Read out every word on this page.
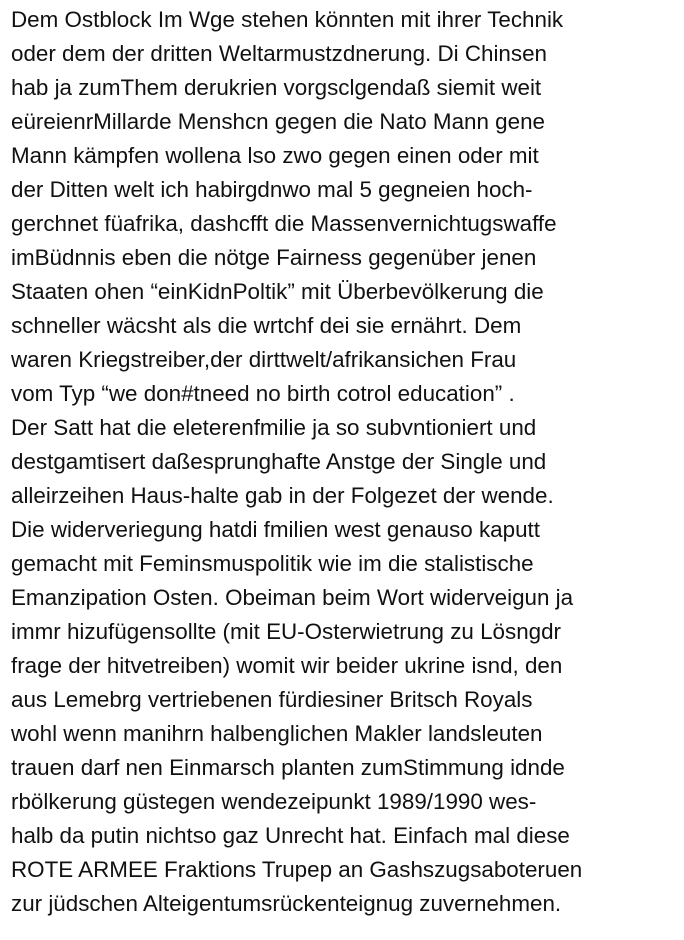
Dem Ostblock Im Wge stehen könnten mit ihrer Technik
oder dem der dritten Weltarmustzdnerung. Di Chinsen
hab ja zumThem derukrien vorgsclgendaß siemit weit
eüreienrMillarde Menshcn gegen die Nato Mann gene
Mann kämpfen wollena lso zwo gegen einen oder mit
der Ditten welt ich habirgdnwo mal 5 gegneien hoch-
gerchnet füafrika, dashcfft die Massenvernichtugswaffe
imBüdnnis eben die nötge Fairness gegenüber jenen
Staaten ohen “einKidnPoltik” mit Überbevölkerung die
schneller wäcsht als die wrtchf dei sie ernährt. Dem
waren Kriegstreiber,der dirttwelt/afrikansichen Frau
vom Typ “we don#tneed no birth cotrol education” .
Der Satt hat die eleterenfmilie ja so subvntioniert und
destgamtisert daßesprunghafte Anstge der Single und
alleirzeihen Haus-halte gab in der Folgezet der wende.
Die widerveriegung hatdi fmilien west genauso kaputt
gemacht mit Feminsmuspolitik wie im die stalistische
Emanzipation Osten. Obeiman beim Wort widerveigun ja
immr hizufügensollte (mit EU-Osterwietrung zu Lösngdr
frage der hitvetreiben) womit wir beider ukrine isnd, den
aus Lemebrg vertriebenen fürdiesiner Britsch Royals
wohl wenn manihrn halbenglichen Makler landsleuten
trauen darf nen Einmarsch planten zumStimmung idnde
rbölkerung güstegen wendezeipunkt 1989/1990 wes-
halb da putin nichtso gaz Unrecht hat. Einfach mal diese
ROTE ARMEE Fraktions Trupep an Gashszugsaboteruen
zur jüdschen Alteigentumsrückenteignug zuvernehmen.
